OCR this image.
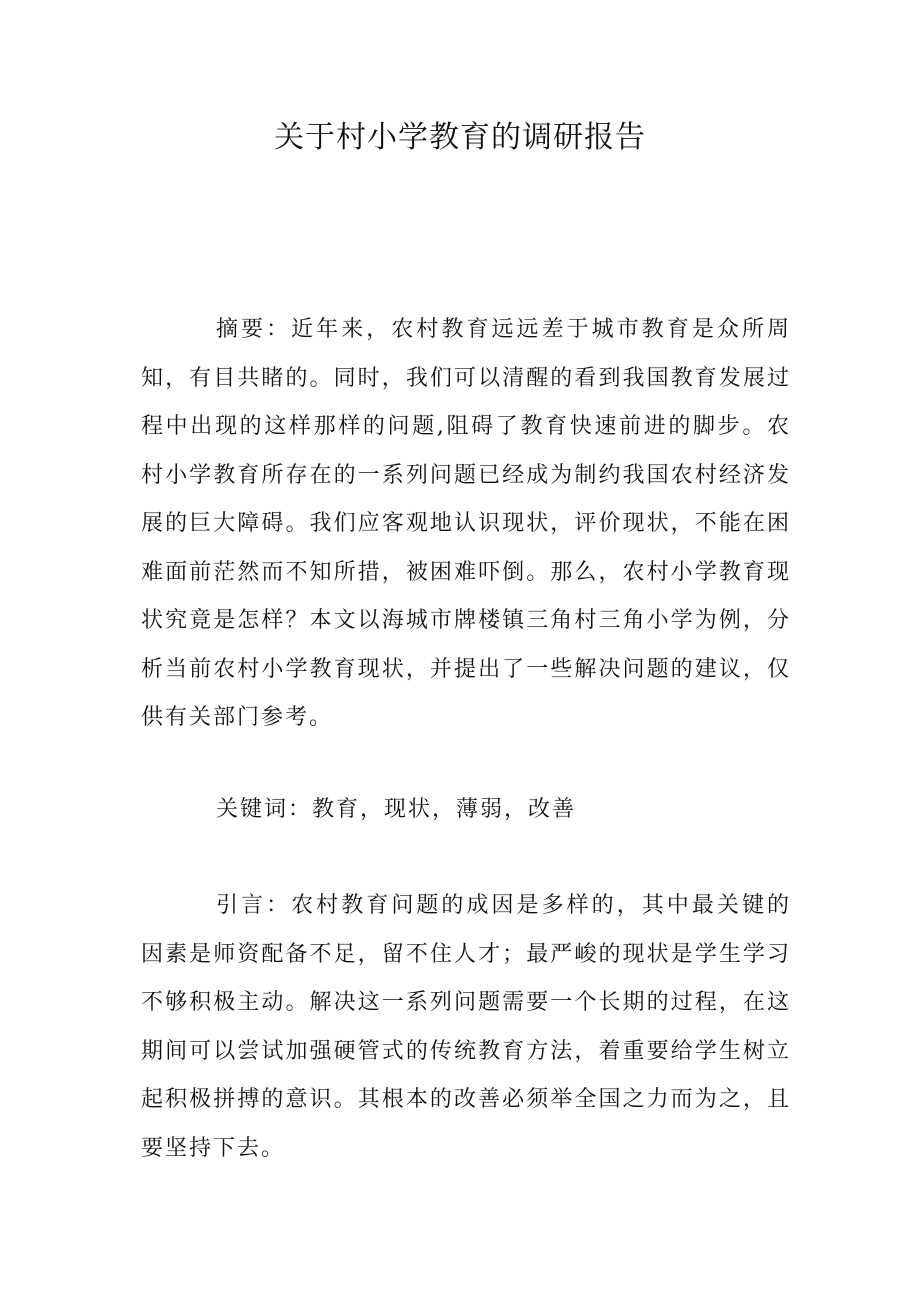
关于村小学教育的调研报告

摘要：近年来，农村教育远远差于城市教育是众所周知，有目共睹的。同时，我们可以清醒的看到我国教育发展过程中出现的这样那样的问题,阻碍了教育快速前进的脚步。农村小学教育所存在的一系列问题已经成为制约我国农村经济发展的巨大障碍。我们应客观地认识现状，评价现状，不能在困难面前茫然而不知所措，被困难吓倒。那么，农村小学教育现状究竟是怎样？本文以海城市牌楼镇三角村三角小学为例，分析当前农村小学教育现状，并提出了一些解决问题的建议，仅供有关部门参考。

关键词：教育，现状，薄弱，改善

引言：农村教育问题的成因是多样的，其中最关键的因素是师资配备不足，留不住人才；最严峻的现状是学生学习不够积极主动。解决这一系列问题需要一个长期的过程，在这期间可以尝试加强硬管式的传统教育方法，着重要给学生树立起积极拼搏的意识。其根本的改善必须举全国之力而为之，且要坚持下去。
